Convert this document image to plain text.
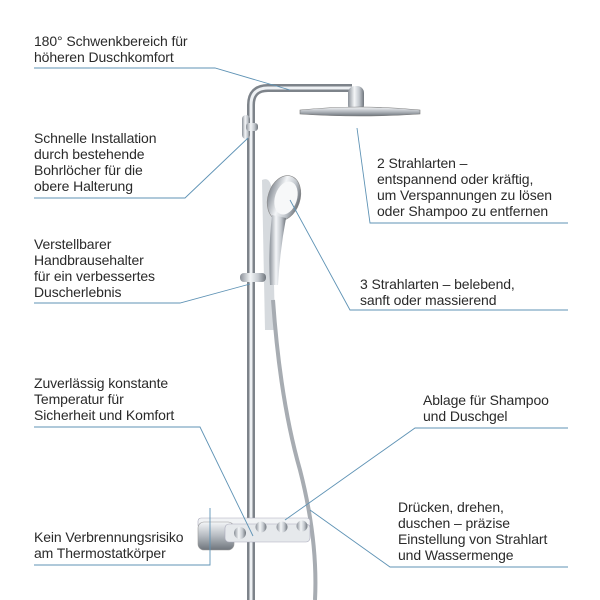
180° Schwenkbereich für
höheren Duschkomfort
Schnelle Installation
durch bestehende
Bohrlöcher für die
obere Halterung
Verstellbarer
Handbrausehalter
für ein verbessertes
Duscherlebnis
Zuverlässig konstante
Temperatur für
Sicherheit und Komfort
Kein Verbrennungsrisiko
am Thermostatkörper
2 Strahlarten –
entspannend oder kräftig,
um Verspannungen zu lösen
oder Shampoo zu entfernen
3 Strahlarten – belebend,
sanft oder massierend
Ablage für Shampoo
und Duschgel
Drücken, drehen,
duschen – präzise
Einstellung von Strahlart
und Wassermenge
